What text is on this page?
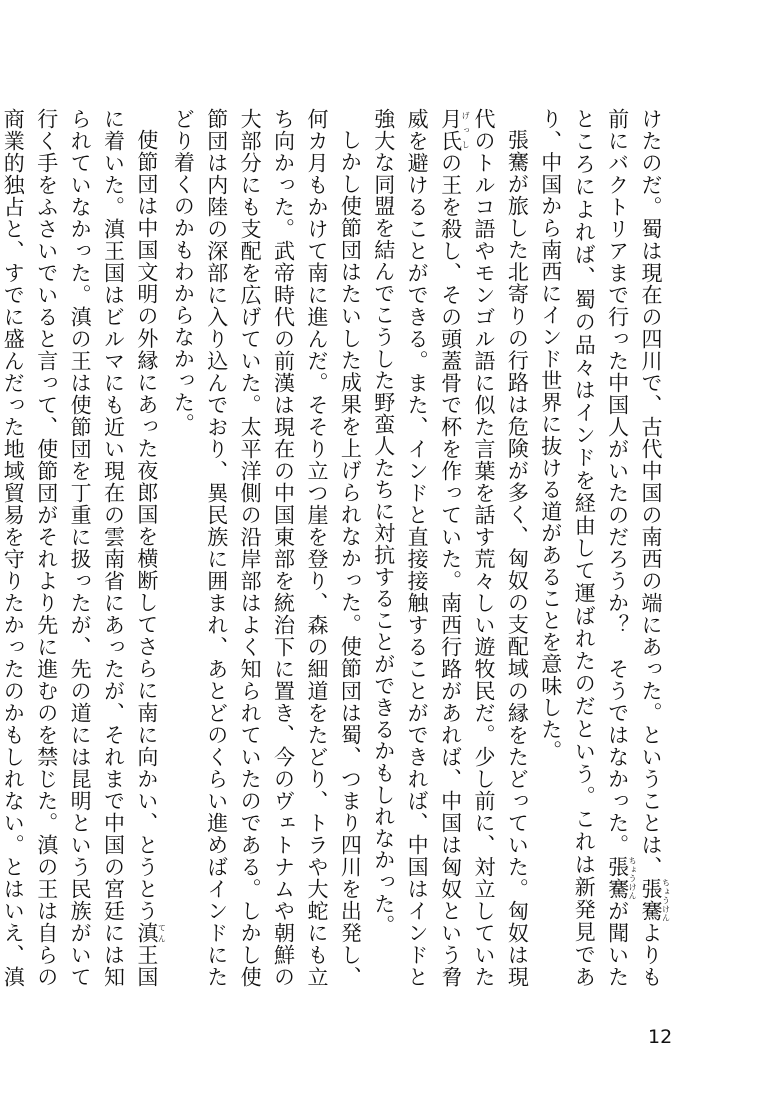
けたのだ。蜀は現在の四川で、古代中国の南西の端にあった。ということは、張騫ちょうけんよりも前にバクトリアまで行った中国人がいたのだろうか？　そうではなかった。張騫ちょうけんが聞いたところによれば、蜀の品々はインドを経由して運ばれたのだという。これは新発見であり、中国から南西にインド世界に抜ける道があることを意味した。

張騫が旅した北寄りの行路は危険が多く、匈奴の支配域の縁をたどっていた。匈奴は現代のトルコ語やモンゴル語に似た言葉を話す荒々しい遊牧民だ。少し前に、対立していた月氏げっしの王を殺し、その頭蓋骨で杯を作っていた。南西行路があれば、中国は匈奴という脅威を避けることができる。また、インドと直接接触することができれば、中国はインドと強大な同盟を結んでこうした野蛮人たちに対抗することができるかもしれなかった。

しかし使節団はたいした成果を上げられなかった。使節団は蜀、つまり四川を出発し、何カ月もかけて南に進んだ。そそり立つ崖を登り、森の細道をたどり、トラや大蛇にも立ち向かった。武帝時代の前漢は現在の中国東部を統治下に置き、今のヴェトナムや朝鮮の大部分にも支配を広げていた。太平洋側の沿岸部はよく知られていたのである。しかし使節団は内陸の深部に入り込んでおり、異民族に囲まれ、あとどのくらい進めばインドにたどり着くのかもわからなかった。

使節団は中国文明の外縁にあった夜郎国を横断してさらに南に向かい、とうとう滇てん王国に着いた。滇王国はビルマにも近い現在の雲南省にあったが、それまで中国の宮廷には知られていなかった。滇の王は使節団を丁重に扱ったが、先の道には昆明という民族がいて行く手をふさいでいると言って、使節団がそれより先に進むのを禁じた。滇の王は自らの商業的独占と、すでに盛んだった地域貿易を守りたかったのかもしれない。とはいえ、滇

12
